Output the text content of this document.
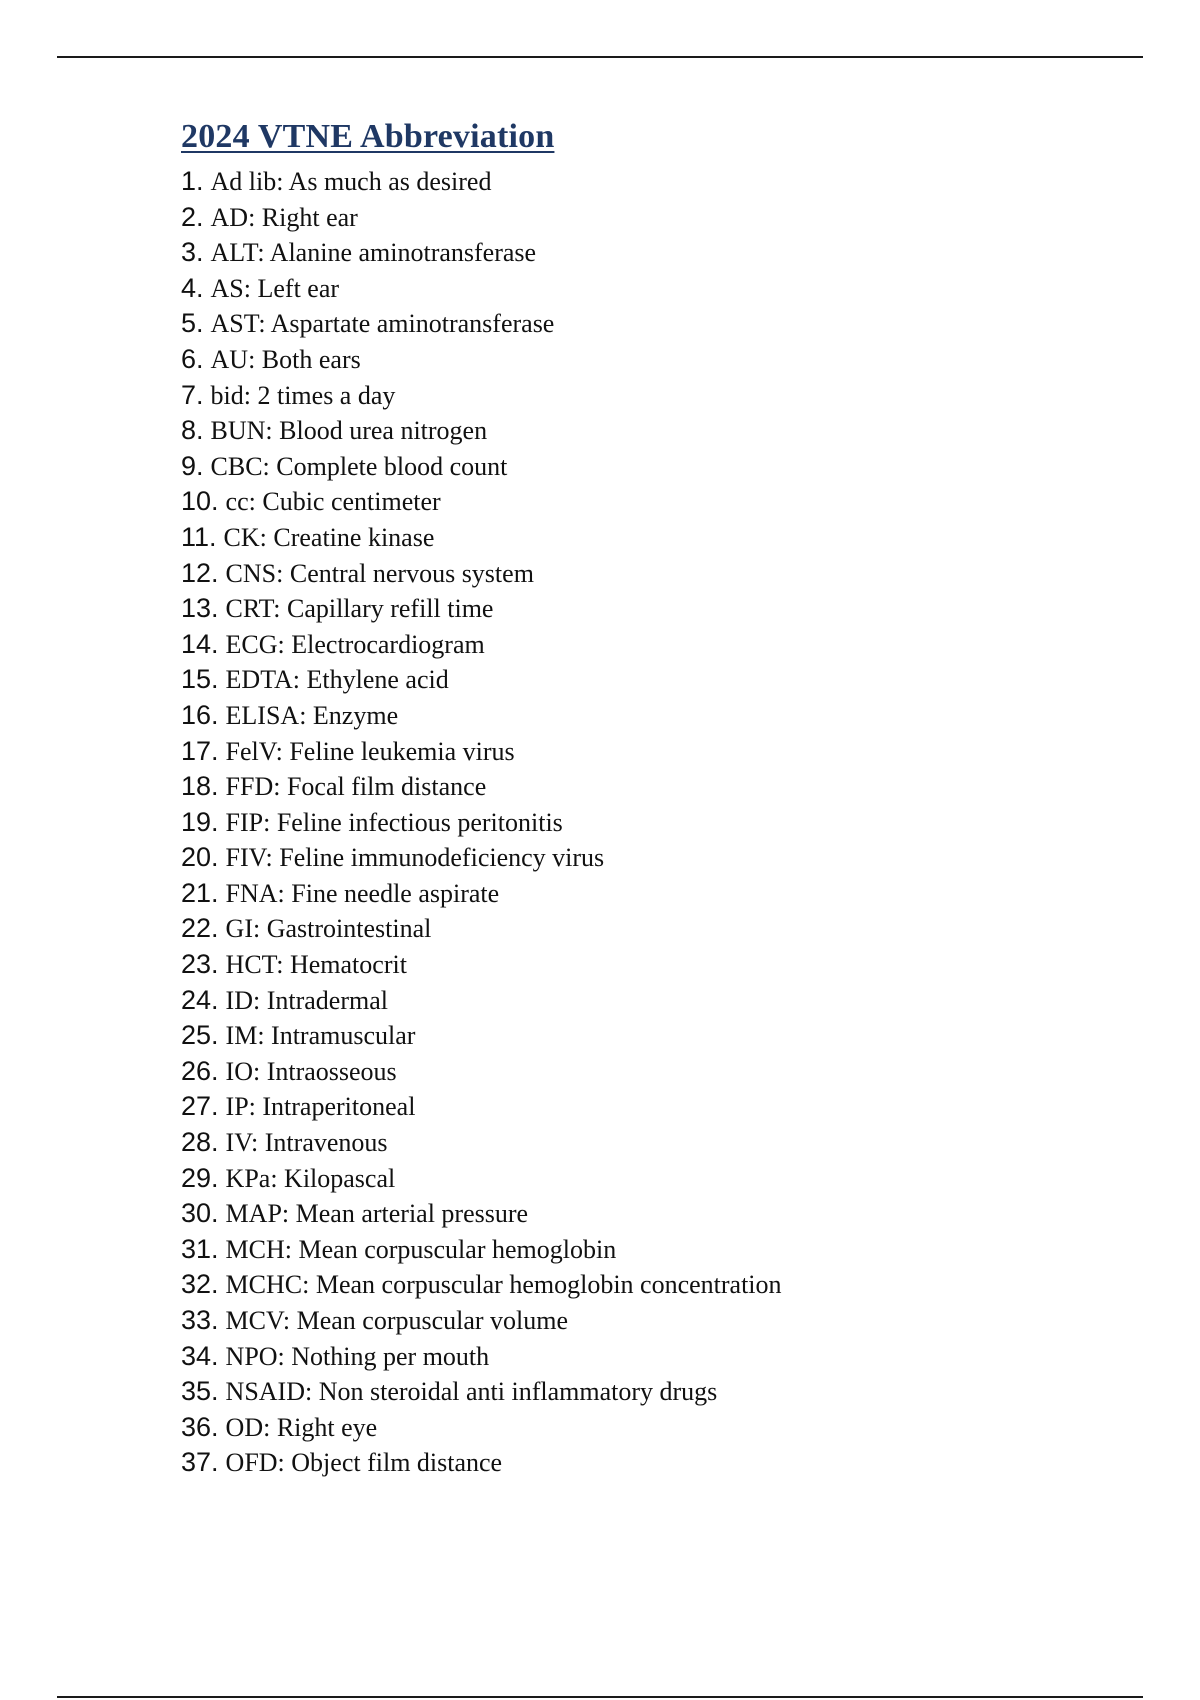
2024 VTNE Abbreviation
1. Ad lib: As much as desired
2. AD: Right ear
3. ALT: Alanine aminotransferase
4. AS: Left ear
5. AST: Aspartate aminotransferase
6. AU: Both ears
7. bid: 2 times a day
8. BUN: Blood urea nitrogen
9. CBC: Complete blood count
10. cc: Cubic centimeter
11. CK: Creatine kinase
12. CNS: Central nervous system
13. CRT: Capillary refill time
14. ECG: Electrocardiogram
15. EDTA: Ethylene acid
16. ELISA: Enzyme
17. FelV: Feline leukemia virus
18. FFD: Focal film distance
19. FIP: Feline infectious peritonitis
20. FIV: Feline immunodeficiency virus
21. FNA: Fine needle aspirate
22. GI: Gastrointestinal
23. HCT: Hematocrit
24. ID: Intradermal
25. IM: Intramuscular
26. IO: Intraosseous
27. IP: Intraperitoneal
28. IV: Intravenous
29. KPa: Kilopascal
30. MAP: Mean arterial pressure
31. MCH: Mean corpuscular hemoglobin
32. MCHC: Mean corpuscular hemoglobin concentration
33. MCV: Mean corpuscular volume
34. NPO: Nothing per mouth
35. NSAID: Non steroidal anti inflammatory drugs
36. OD: Right eye
37. OFD: Object film distance
